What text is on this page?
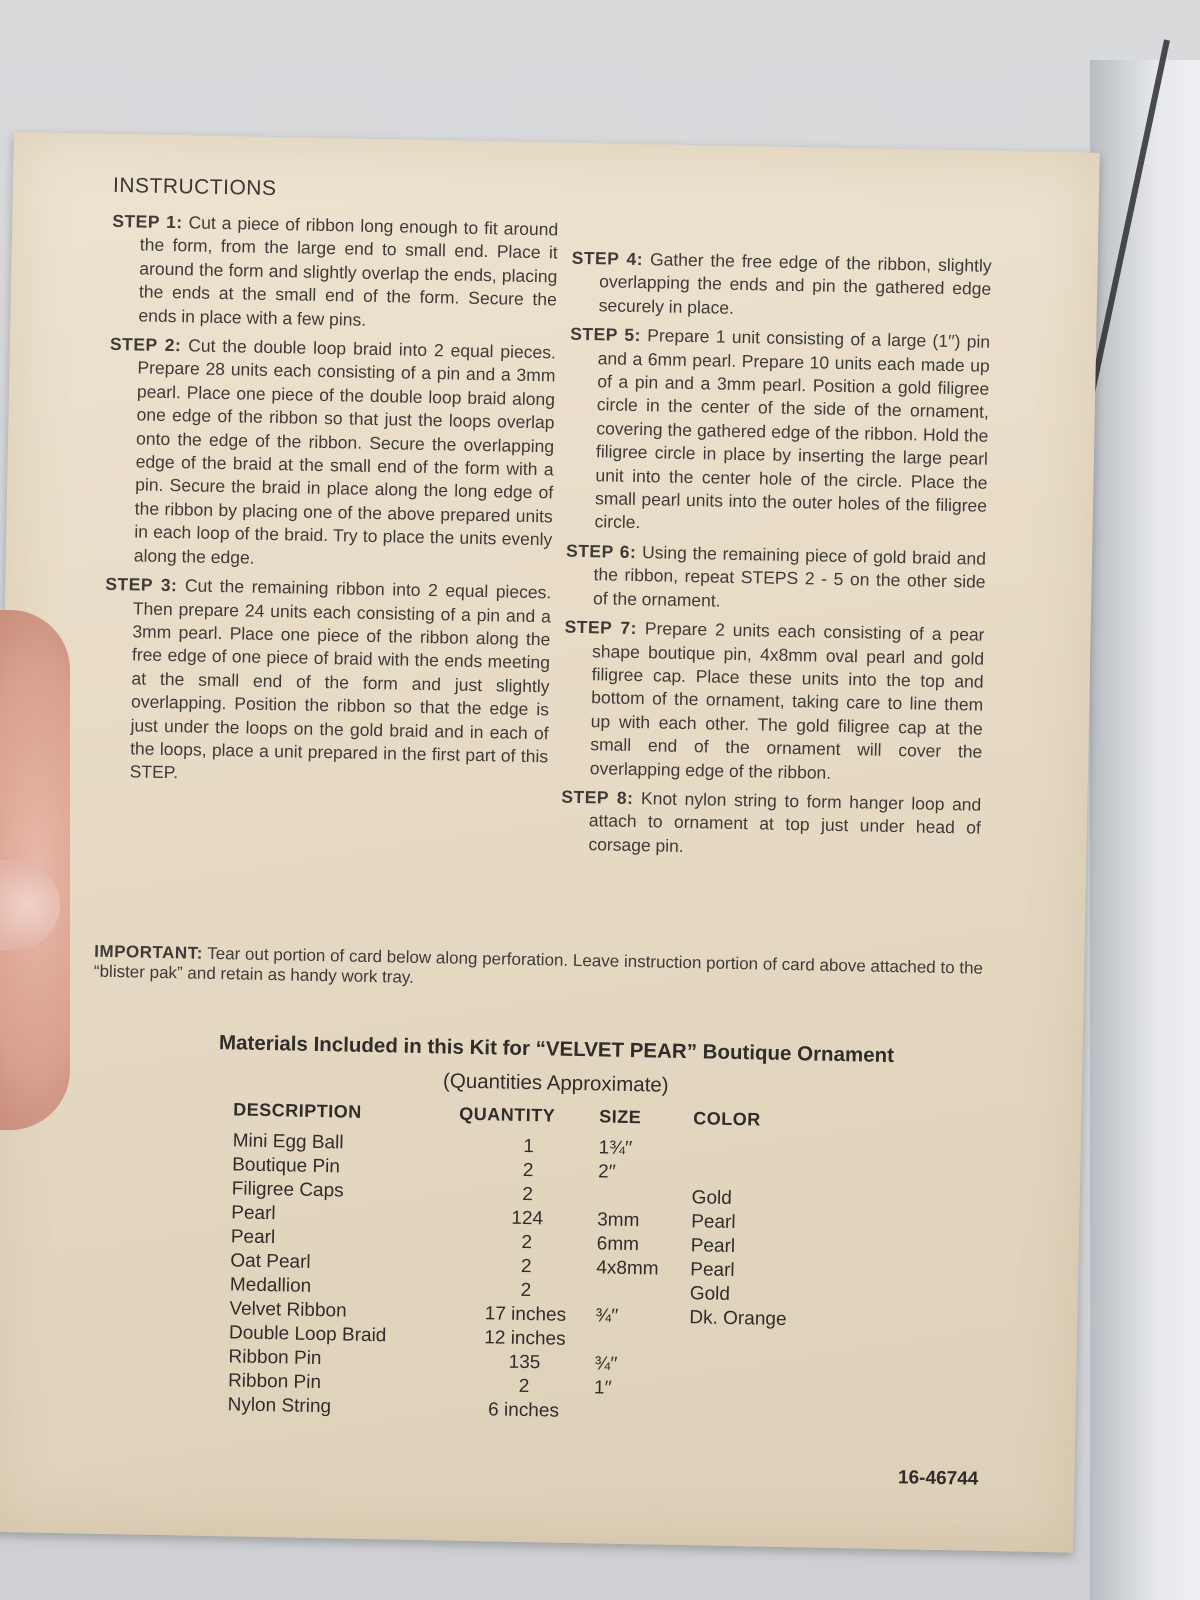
INSTRUCTIONS

STEP 1: Cut a piece of ribbon long enough to fit around the form, from the large end to small end. Place it around the form and slightly overlap the ends, placing the ends at the small end of the form. Secure the ends in place with a few pins.

STEP 2: Cut the double loop braid into 2 equal pieces. Prepare 28 units each consisting of a pin and a 3mm pearl. Place one piece of the double loop braid along one edge of the ribbon so that just the loops overlap onto the edge of the ribbon. Secure the overlapping edge of the braid at the small end of the form with a pin. Secure the braid in place along the long edge of the ribbon by placing one of the above prepared units in each loop of the braid. Try to place the units evenly along the edge.

STEP 3: Cut the remaining ribbon into 2 equal pieces. Then prepare 24 units each consisting of a pin and a 3mm pearl. Place one piece of the ribbon along the free edge of one piece of braid with the ends meeting at the small end of the form and just slightly overlapping. Position the ribbon so that the edge is just under the loops on the gold braid and in each of the loops, place a unit prepared in the first part of this STEP.

STEP 4: Gather the free edge of the ribbon, slightly overlapping the ends and pin the gathered edge securely in place.

STEP 5: Prepare 1 unit consisting of a large (1′′) pin and a 6mm pearl. Prepare 10 units each made up of a pin and a 3mm pearl. Position a gold filigree circle in the center of the side of the ornament, covering the gathered edge of the ribbon. Hold the filigree circle in place by inserting the large pearl unit into the center hole of the circle. Place the small pearl units into the outer holes of the filigree circle.

STEP 6: Using the remaining piece of gold braid and the ribbon, repeat STEPS 2 - 5 on the other side of the ornament.

STEP 7: Prepare 2 units each consisting of a pear shape boutique pin, 4x8mm oval pearl and gold filigree cap. Place these units into the top and bottom of the ornament, taking care to line them up with each other. The gold filigree cap at the small end of the ornament will cover the overlapping edge of the ribbon.

STEP 8: Knot nylon string to form hanger loop and attach to ornament at top just under head of corsage pin.

IMPORTANT: Tear out portion of card below along perforation. Leave instruction portion of card above attached to the “blister pak” and retain as handy work tray.
Materials Included in this Kit for “VELVET PEAR” Boutique Ornament
(Quantities Approximate)
DESCRIPTION	QUANTITY	SIZE	COLOR
Mini Egg Ball	1	1¾′′	
Boutique Pin	2	2′′	
Filigree Caps	2		Gold
Pearl	124	3mm	Pearl
Pearl	2	6mm	Pearl
Oat Pearl	2	4x8mm	Pearl
Medallion	2		Gold
Velvet Ribbon	17 inches	¾′′	Dk. Orange
Double Loop Braid	12 inches		
Ribbon Pin	135	¾′′	
Ribbon Pin	2	1′′	
Nylon String	6 inches		
16-46744
